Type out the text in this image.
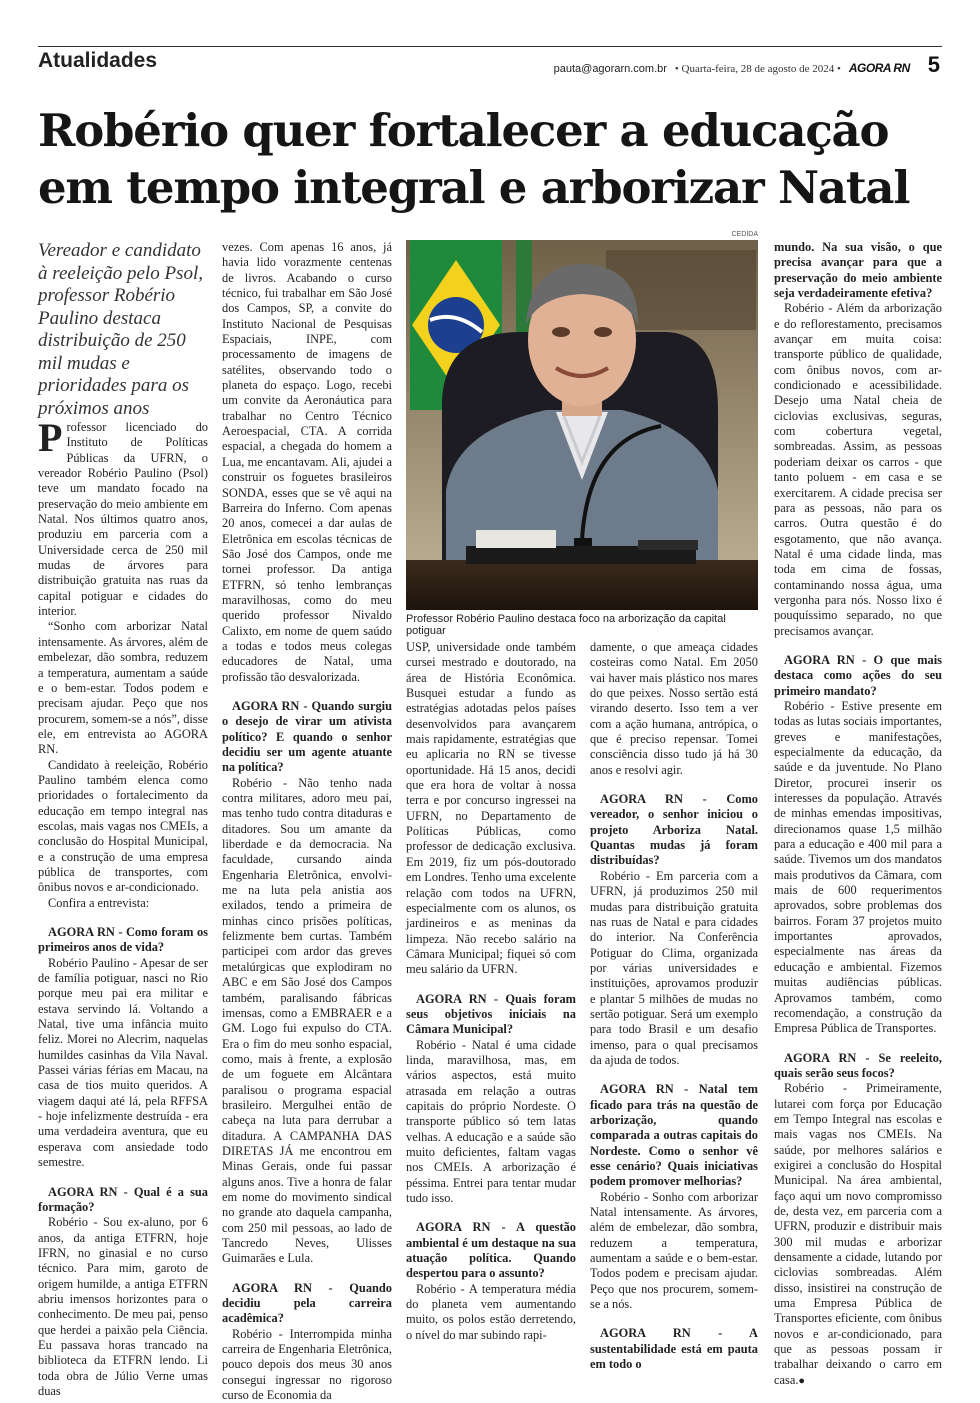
Atualidades	pauta@agorarn.com.br • Quarta-feira, 28 de agosto de 2024 • AGORA RN 5
Robério quer fortalecer a educação em tempo integral e arborizar Natal

Vereador e candidato à reeleição pelo Psol, professor Robério Paulino destaca distribuição de 250 mil mudas e prioridades para os próximos anos

Professor licenciado do Instituto de Políticas Públicas da UFRN, o vereador Robério Paulino (Psol) teve um mandato focado na preservação do meio ambiente em Natal. Nos últimos quatro anos, produziu em parceria com a Universidade cerca de 250 mil mudas de árvores para distribuição gratuita nas ruas da capital potiguar e cidades do interior.

“Sonho com arborizar Natal intensamente. As árvores, além de embelezar, dão sombra, reduzem a temperatura, aumentam a saúde e o bem-estar. Todos podem e precisam ajudar. Peço que nos procurem, somem-se a nós”, disse ele, em entrevista ao AGORA RN.

Candidato à reeleição, Robério Paulino também elenca como prioridades o fortalecimento da educação em tempo integral nas escolas, mais vagas nos CMEIs, a conclusão do Hospital Municipal, e a construção de uma empresa pública de transportes, com ônibus novos e ar-condicionado.

Confira a entrevista:

AGORA RN - Como foram os primeiros anos de vida?

Robério Paulino - Apesar de ser de família potiguar, nasci no Rio porque meu pai era militar e estava servindo lá. Voltando a Natal, tive uma infância muito feliz. Morei no Alecrim, naquelas humildes casinhas da Vila Naval. Passei várias férias em Macau, na casa de tios muito queridos. A viagem daqui até lá, pela RFFSA - hoje infelizmente destruída - era uma verdadeira aventura, que eu esperava com ansiedade todo semestre.

AGORA RN - Qual é a sua formação?

Robério - Sou ex-aluno, por 6 anos, da antiga ETFRN, hoje IFRN, no ginasial e no curso técnico. Para mim, garoto de origem humilde, a antiga ETFRN abriu imensos horizontes para o conhecimento. De meu pai, penso que herdei a paixão pela Ciência. Eu passava horas trancado na biblioteca da ETFRN lendo. Li toda obra de Júlio Verne umas duas

vezes. Com apenas 16 anos, já havia lido vorazmente centenas de livros. Acabando o curso técnico, fui trabalhar em São José dos Campos, SP, a convite do Instituto Nacional de Pesquisas Espaciais, INPE, com processamento de imagens de satélites, observando todo o planeta do espaço. Logo, recebi um convite da Aeronáutica para trabalhar no Centro Técnico Aeroespacial, CTA. A corrida espacial, a chegada do homem a Lua, me encantavam. Ali, ajudei a construir os foguetes brasileiros SONDA, esses que se vê aqui na Barreira do Inferno. Com apenas 20 anos, comecei a dar aulas de Eletrônica em escolas técnicas de São José dos Campos, onde me tornei professor. Da antiga ETFRN, só tenho lembranças maravilhosas, como do meu querido professor Nivaldo Calixto, em nome de quem saúdo a todas e todos meus colegas educadores de Natal, uma profissão tão desvalorizada.

AGORA RN - Quando surgiu o desejo de virar um ativista político? E quando o senhor decidiu ser um agente atuante na política?

Robério - Não tenho nada contra militares, adoro meu pai, mas tenho tudo contra ditaduras e ditadores. Sou um amante da liberdade e da democracia. Na faculdade, cursando ainda Engenharia Eletrônica, envolvi-me na luta pela anistia aos exilados, tendo a primeira de minhas cinco prisões políticas, felizmente bem curtas. Também participei com ardor das greves metalúrgicas que explodiram no ABC e em São José dos Campos também, paralisando fábricas imensas, como a EMBRAER e a GM. Logo fui expulso do CTA. Era o fim do meu sonho espacial, como, mais à frente, a explosão de um foguete em Alcântara paralisou o programa espacial brasileiro. Mergulhei então de cabeça na luta para derrubar a ditadura. A CAMPANHA DAS DIRETAS JÁ me encontrou em Minas Gerais, onde fui passar alguns anos. Tive a honra de falar em nome do movimento sindical no grande ato daquela campanha, com 250 mil pessoas, ao lado de Tancredo Neves, Ulisses Guimarães e Lula.

AGORA RN - Quando decidiu pela carreira acadêmica?

Robério - Interrompida minha carreira de Engenharia Eletrônica, pouco depois dos meus 30 anos consegui ingressar no rigoroso curso de Economia da

CEDIDA
Professor Robério Paulino destaca foco na arborização da capital potiguar

USP, universidade onde também cursei mestrado e doutorado, na área de História Econômica. Busquei estudar a fundo as estratégias adotadas pelos países desenvolvidos para avançarem mais rapidamente, estratégias que eu aplicaria no RN se tivesse oportunidade. Há 15 anos, decidi que era hora de voltar à nossa terra e por concurso ingressei na UFRN, no Departamento de Políticas Públicas, como professor de dedicação exclusiva. Em 2019, fiz um pós-doutorado em Londres. Tenho uma excelente relação com todos na UFRN, especialmente com os alunos, os jardineiros e as meninas da limpeza. Não recebo salário na Câmara Municipal; fiquei só com meu salário da UFRN.

AGORA RN - Quais foram seus objetivos iniciais na Câmara Municipal?

Robério - Natal é uma cidade linda, maravilhosa, mas, em vários aspectos, está muito atrasada em relação a outras capitais do próprio Nordeste. O transporte público só tem latas velhas. A educação e a saúde são muito deficientes, faltam vagas nos CMEIs. A arborização é péssima. Entrei para tentar mudar tudo isso.

AGORA RN - A questão ambiental é um destaque na sua atuação política. Quando despertou para o assunto?

Robério - A temperatura média do planeta vem aumentando muito, os polos estão derretendo, o nível do mar subindo rapi-

damente, o que ameaça cidades costeiras como Natal. Em 2050 vai haver mais plástico nos mares do que peixes. Nosso sertão está virando deserto. Isso tem a ver com a ação humana, antrópica, o que é preciso repensar. Tomei consciência disso tudo já há 30 anos e resolvi agir.

AGORA RN - Como vereador, o senhor iniciou o projeto Arboriza Natal. Quantas mudas já foram distribuídas?

Robério - Em parceria com a UFRN, já produzimos 250 mil mudas para distribuição gratuita nas ruas de Natal e para cidades do interior. Na Conferência Potiguar do Clima, organizada por várias universidades e instituições, aprovamos produzir e plantar 5 milhões de mudas no sertão potiguar. Será um exemplo para todo Brasil e um desafio imenso, para o qual precisamos da ajuda de todos.

AGORA RN - Natal tem ficado para trás na questão de arborização, quando comparada a outras capitais do Nordeste. Como o senhor vê esse cenário? Quais iniciativas podem promover melhorias?

Robério - Sonho com arborizar Natal intensamente. As árvores, além de embelezar, dão sombra, reduzem a temperatura, aumentam a saúde e o bem-estar. Todos podem e precisam ajudar. Peço que nos procurem, somem-se a nós.

AGORA RN - A sustentabilidade está em pauta em todo o

mundo. Na sua visão, o que precisa avançar para que a preservação do meio ambiente seja verdadeiramente efetiva?

Robério - Além da arborização e do reflorestamento, precisamos avançar em muita coisa: transporte público de qualidade, com ônibus novos, com ar-condicionado e acessibilidade. Desejo uma Natal cheia de ciclovias exclusivas, seguras, com cobertura vegetal, sombreadas. Assim, as pessoas poderiam deixar os carros - que tanto poluem - em casa e se exercitarem. A cidade precisa ser para as pessoas, não para os carros. Outra questão é do esgotamento, que não avança. Natal é uma cidade linda, mas toda em cima de fossas, contaminando nossa água, uma vergonha para nós. Nosso lixo é pouquíssimo separado, no que precisamos avançar.

AGORA RN - O que mais destaca como ações do seu primeiro mandato?

Robério - Estive presente em todas as lutas sociais importantes, greves e manifestações, especialmente da educação, da saúde e da juventude. No Plano Diretor, procurei inserir os interesses da população. Através de minhas emendas impositivas, direcionamos quase 1,5 milhão para a educação e 400 mil para a saúde. Tivemos um dos mandatos mais produtivos da Câmara, com mais de 600 requerimentos aprovados, sobre problemas dos bairros. Foram 37 projetos muito importantes aprovados, especialmente nas áreas da educação e ambiental. Fizemos muitas audiências públicas. Aprovamos também, como recomendação, a construção da Empresa Pública de Transportes.

AGORA RN - Se reeleito, quais serão seus focos?

Robério - Primeiramente, lutarei com força por Educação em Tempo Integral nas escolas e mais vagas nos CMEIs. Na saúde, por melhores salários e exigirei a conclusão do Hospital Municipal. Na área ambiental, faço aqui um novo compromisso de, desta vez, em parceria com a UFRN, produzir e distribuir mais 300 mil mudas e arborizar densamente a cidade, lutando por ciclovias sombreadas. Além disso, insistirei na construção de uma Empresa Pública de Transportes eficiente, com ônibus novos e ar-condicionado, para que as pessoas possam ir trabalhar deixando o carro em casa.●
